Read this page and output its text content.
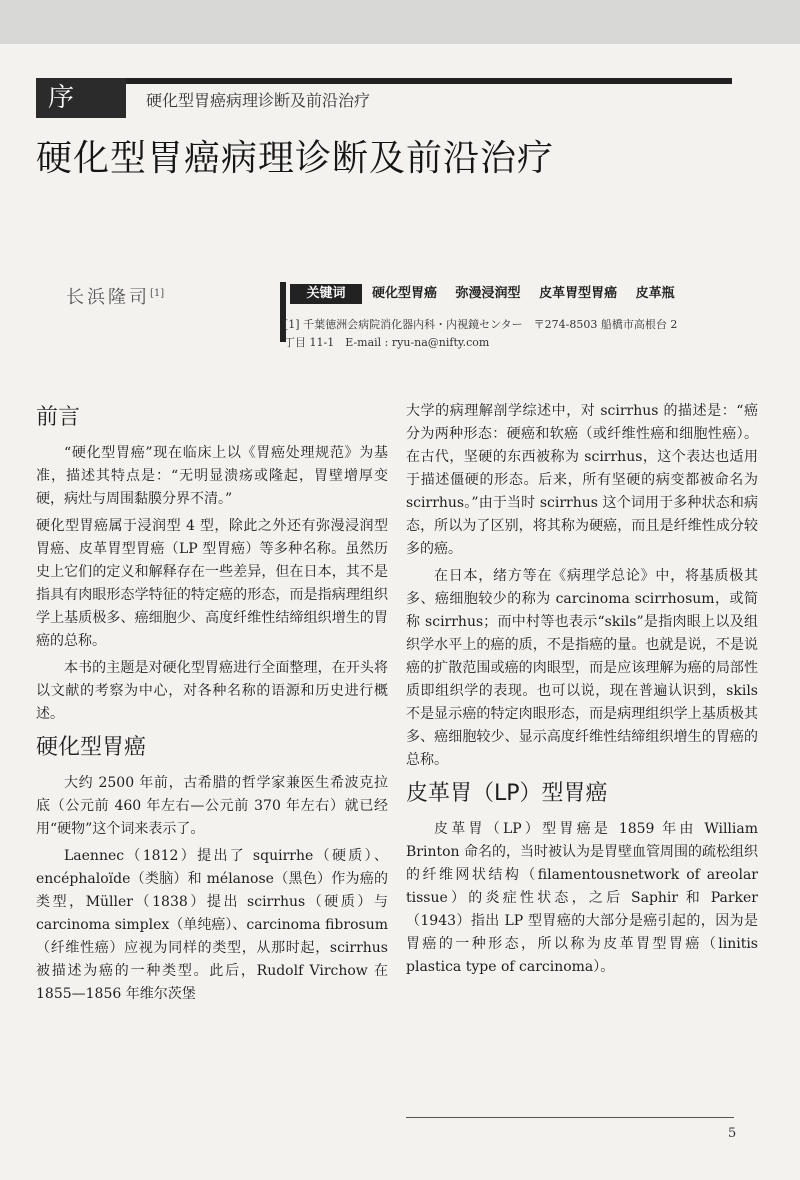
序	硬化型胃癌病理诊断及前沿治疗
硬化型胃癌病理诊断及前沿治疗
长浜隆司[1]	关键词	硬化型胃癌 弥漫浸润型 皮革胃型胃癌 皮革瓶
[1] 千葉徳洲会病院消化器内科・内視鏡センター　〒274-8503 船橋市高根台 2
丁目 11-1　E-mail : ryu-na@nifty.com
前言

“硬化型胃癌”现在临床上以《胃癌处理规范》为基准，描述其特点是：“无明显溃疡或隆起，胃壁增厚变硬，病灶与周围黏膜分界不清。”

硬化型胃癌属于浸润型 4 型，除此之外还有弥漫浸润型胃癌、皮革胃型胃癌（LP 型胃癌）等多种名称。虽然历史上它们的定义和解释存在一些差异，但在日本，其不是指具有肉眼形态学特征的特定癌的形态，而是指病理组织学上基质极多、癌细胞少、高度纤维性结缔组织增生的胃癌的总称。

本书的主题是对硬化型胃癌进行全面整理，在开头将以文献的考察为中心，对各种名称的语源和历史进行概述。

硬化型胃癌

大约 2500 年前，古希腊的哲学家兼医生希波克拉底（公元前 460 年左右—公元前 370 年左右）就已经用“硬物”这个词来表示了。

Laennec（1812）提出了 squirrhe（硬质）、encéphaloïde（类脑）和 mélanose（黑色）作为癌的类型，Müller（1838）提出 scirrhus（硬质）与 carcinoma simplex（单纯癌）、carcinoma fibrosum（纤维性癌）应视为同样的类型，从那时起，scirrhus 被描述为癌的一种类型。此后，Rudolf Virchow 在 1855—1856 年维尔茨堡

大学的病理解剖学综述中，对 scirrhus 的描述是：“癌分为两种形态：硬癌和软癌（或纤维性癌和细胞性癌）。在古代，坚硬的东西被称为 scirrhus，这个表达也适用于描述僵硬的形态。后来，所有坚硬的病变都被命名为 scirrhus。”由于当时 scirrhus 这个词用于多种状态和病态，所以为了区别，将其称为硬癌，而且是纤维性成分较多的癌。

在日本，绪方等在《病理学总论》中，将基质极其多、癌细胞较少的称为 carcinoma scirrhosum，或简称 scirrhus；而中村等也表示“skils”是指肉眼上以及组织学水平上的癌的质，不是指癌的量。也就是说，不是说癌的扩散范围或癌的肉眼型，而是应该理解为癌的局部性质即组织学的表现。也可以说，现在普遍认识到，skils 不是显示癌的特定肉眼形态，而是病理组织学上基质极其多、癌细胞较少、显示高度纤维性结缔组织增生的胃癌的总称。

皮革胃（LP）型胃癌

皮革胃（LP）型胃癌是 1859 年由 William Brinton 命名的，当时被认为是胃壁血管周围的疏松组织的纤维网状结构（filamentousnetwork of areolar tissue）的炎症性状态，之后 Saphir 和 Parker（1943）指出 LP 型胃癌的大部分是癌引起的，因为是胃癌的一种形态，所以称为皮革胃型胃癌（linitis plastica type of carcinoma）。

5
